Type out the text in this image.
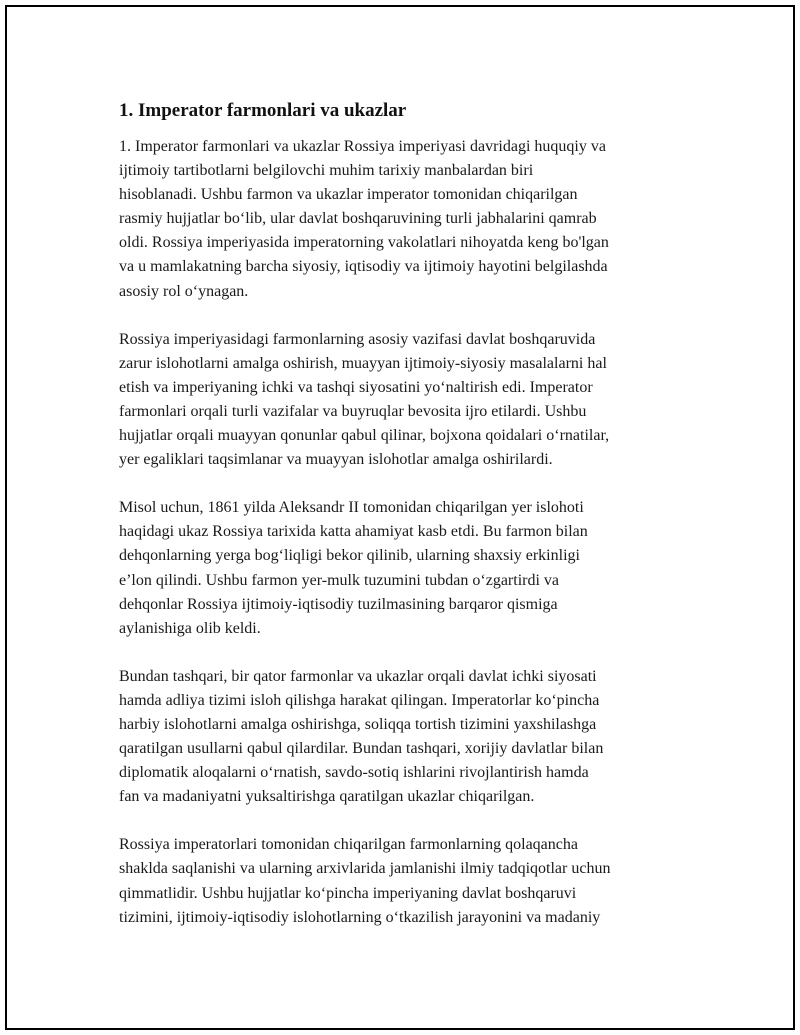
1. Imperator farmonlari va ukazlar

1. Imperator farmonlari va ukazlar Rossiya imperiyasi davridagi huquqiy va
ijtimoiy tartibotlarni belgilovchi muhim tarixiy manbalardan biri
hisoblanadi. Ushbu farmon va ukazlar imperator tomonidan chiqarilgan
rasmiy hujjatlar bo‘lib, ular davlat boshqaruvining turli jabhalarini qamrab
oldi. Rossiya imperiyasida imperatorning vakolatlari nihoyatda keng bo'lgan
va u mamlakatning barcha siyosiy, iqtisodiy va ijtimoiy hayotini belgilashda
asosiy rol o‘ynagan.

Rossiya imperiyasidagi farmonlarning asosiy vazifasi davlat boshqaruvida
zarur islohotlarni amalga oshirish, muayyan ijtimoiy-siyosiy masalalarni hal
etish va imperiyaning ichki va tashqi siyosatini yo‘naltirish edi. Imperator
farmonlari orqali turli vazifalar va buyruqlar bevosita ijro etilardi. Ushbu
hujjatlar orqali muayyan qonunlar qabul qilinar, bojxona qoidalari o‘rnatilar,
yer egaliklari taqsimlanar va muayyan islohotlar amalga oshirilardi.

Misol uchun, 1861 yilda Aleksandr II tomonidan chiqarilgan yer islohoti
haqidagi ukaz Rossiya tarixida katta ahamiyat kasb etdi. Bu farmon bilan
dehqonlarning yerga bog‘liqligi bekor qilinib, ularning shaxsiy erkinligi
e’lon qilindi. Ushbu farmon yer-mulk tuzumini tubdan o‘zgartirdi va
dehqonlar Rossiya ijtimoiy-iqtisodiy tuzilmasining barqaror qismiga
aylanishiga olib keldi.

Bundan tashqari, bir qator farmonlar va ukazlar orqali davlat ichki siyosati
hamda adliya tizimi isloh qilishga harakat qilingan. Imperatorlar ko‘pincha
harbiy islohotlarni amalga oshirishga, soliqqa tortish tizimini yaxshilashga
qaratilgan usullarni qabul qilardilar. Bundan tashqari, xorijiy davlatlar bilan
diplomatik aloqalarni o‘rnatish, savdo-sotiq ishlarini rivojlantirish hamda
fan va madaniyatni yuksaltirishga qaratilgan ukazlar chiqarilgan.

Rossiya imperatorlari tomonidan chiqarilgan farmonlarning qolaqancha
shaklda saqlanishi va ularning arxivlarida jamlanishi ilmiy tadqiqotlar uchun
qimmatlidir. Ushbu hujjatlar ko‘pincha imperiyaning davlat boshqaruvi
tizimini, ijtimoiy-iqtisodiy islohotlarning o‘tkazilish jarayonini va madaniy
